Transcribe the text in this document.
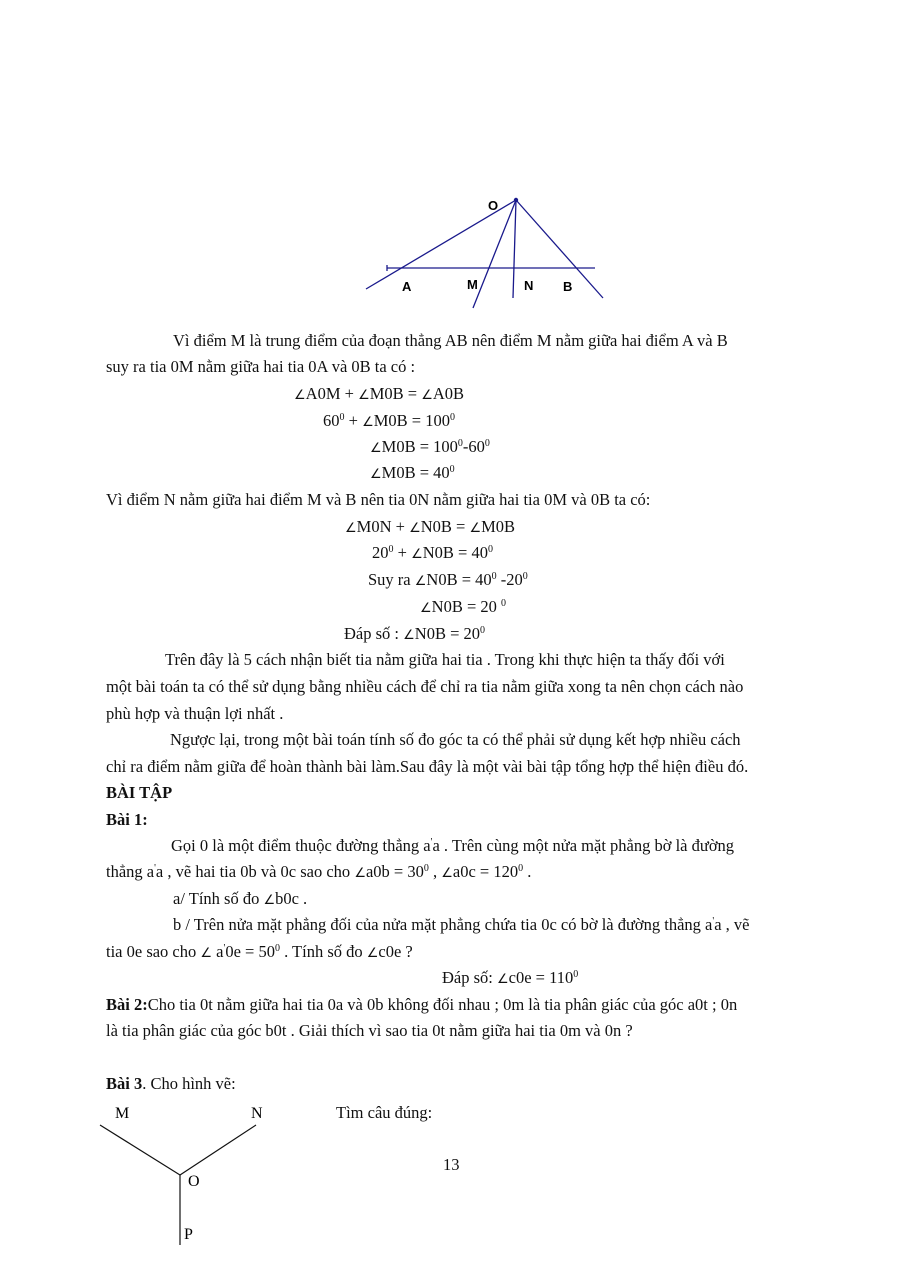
O
A	M	N B
M	N
O
P
Vì điểm M là trung điểm của đoạn thẳng AB nên điểm M nằm giữa hai điểm A và B
suy ra tia 0M nằm giữa hai tia 0A và 0B ta có :
∠A0M + ∠M0B = ∠A0B
$60^0$ + ∠M0B = $100^0$
∠M0B = $100^0-60^0$
∠M0B = $40^0$
Vì điểm N nằm giữa hai điểm M và B nên tia 0N nằm giữa hai tia 0M và 0B ta có:
∠M0N + ∠N0B = ∠M0B
$20^0$ + ∠N0B = $40^0$
Suy ra ∠N0B = $40^0$ $-20^0$
∠N0B = 20 $^0$
Đáp số : ∠N0B = $20^0$
Trên đây là 5 cách nhận biết tia nằm giữa hai tia . Trong khi thực hiện ta thấy đối với
một bài toán ta có thể sử dụng bằng nhiều cách để chỉ ra tia nằm giữa xong ta nên chọn cách nào
phù hợp và thuận lợi nhất .
Ngược lại, trong một bài toán tính số đo góc ta có thể phải sử dụng kết hợp nhiều cách
chỉ ra điểm nằm giữa để hoàn thành bài làm.Sau đây là một vài bài tập tổng hợp thể hiện điều đó.
BÀI TẬP
Bài 1:
Gọi 0 là một điểm thuộc đường thẳng a'a . Trên cùng một nửa mặt phẳng bờ là đường
thẳng a'a , vẽ hai tia 0b và 0c sao cho ∠a0b = $30^0$ , ∠a0c = $120^0$ .
a/ Tính số đo ∠b0c .
b / Trên nửa mặt phẳng đối của nửa mặt phẳng chứa tia 0c có bờ là đường thẳng a'a , vẽ
tia 0e sao cho ∠ $a'0e = 50^0$ . Tính số đo ∠c0e ?
Đáp số: ∠c0e = $110^0$
Bài 2:Cho tia 0t nằm giữa hai tia 0a và 0b không đối nhau ; 0m là tia phân giác của góc a0t ; 0n
là tia phân giác của góc b0t . Giải thích vì sao tia 0t nằm giữa hai tia 0m và 0n ?
Bài 3. Cho hình vẽ:
Tìm câu đúng:
13
